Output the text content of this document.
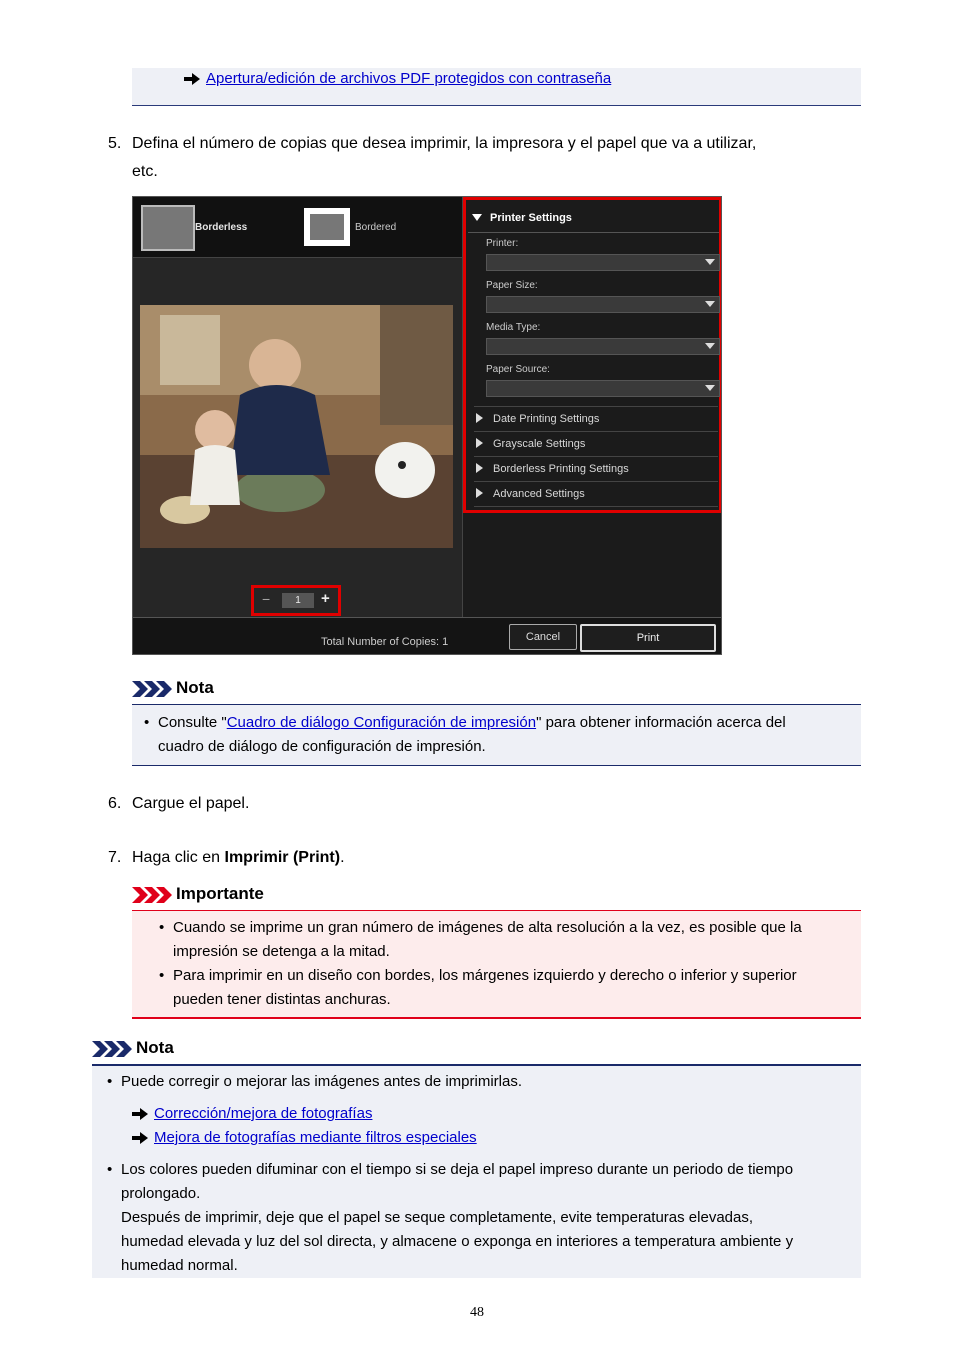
Apertura/edición de archivos PDF protegidos con contraseña
5. Defina el número de copias que desea imprimir, la impresora y el papel que va a utilizar,
etc.
Borderless	Bordered
−	1	+
Total Number of Copies: 1	Cancel	Print
Printer Settings
Printer:
Paper Size:
Media Type:
Paper Source:
Date Printing Settings
Grayscale Settings
Borderless Printing Settings
Advanced Settings
Nota
• Consulte "Cuadro de diálogo Configuración de impresión" para obtener información acerca del
cuadro de diálogo de configuración de impresión.
6. Cargue el papel.
7. Haga clic en Imprimir (Print).
Importante
• Cuando se imprime un gran número de imágenes de alta resolución a la vez, es posible que la
impresión se detenga a la mitad.
• Para imprimir en un diseño con bordes, los márgenes izquierdo y derecho o inferior y superior
pueden tener distintas anchuras.
Nota
• Puede corregir o mejorar las imágenes antes de imprimirlas.
Corrección/mejora de fotografías
Mejora de fotografías mediante filtros especiales
• Los colores pueden difuminar con el tiempo si se deja el papel impreso durante un periodo de tiempo
prolongado.
Después de imprimir, deje que el papel se seque completamente, evite temperaturas elevadas,
humedad elevada y luz del sol directa, y almacene o exponga en interiores a temperatura ambiente y
humedad normal.
48
